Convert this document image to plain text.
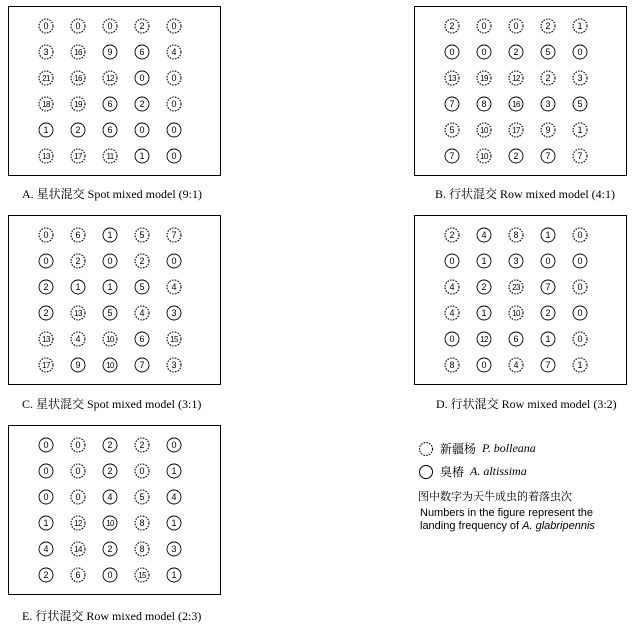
0	0	0	2	0
3	16	9	6	4
21	16	12	0	0
18	19	6	2	0
1	2	6	0	0
13	17	11	1	0
A. 星状混交 Spot mixed model (9:1)
2	0	0	2	1
0	0	2	5	0
13	19	12	2	3
7	8	16	3	5
5	10	17	9	1
7	10	2	7	7
B. 行状混交 Row mixed model (4:1)
0	6	1	5	7
0	2	0	2	0
2	1	1	5	4
2	13	5	4	3
13	4	10	6	15
17	9	10	7	3
C. 星状混交 Spot mixed model (3:1)
2	4	8	1	0
0	1	3	0	0
4	2	23	7	0
4	1	10	2	0
0	12	6	1	0
8	0	4	7	1
D. 行状混交 Row mixed model (3:2)
0	0	2	2	0
0	0	2	0	1
0	0	4	5	4
1	12	10	8	1
4	14	2	8	3
2	6	0	15	1
E. 行状混交 Row mixed model (2:3)
新疆杨 P. bolleana
臭椿 A. altissima
图中数字为天牛成虫的着落虫次
Numbers in the figure represent the
landing frequency of A. glabripennis
